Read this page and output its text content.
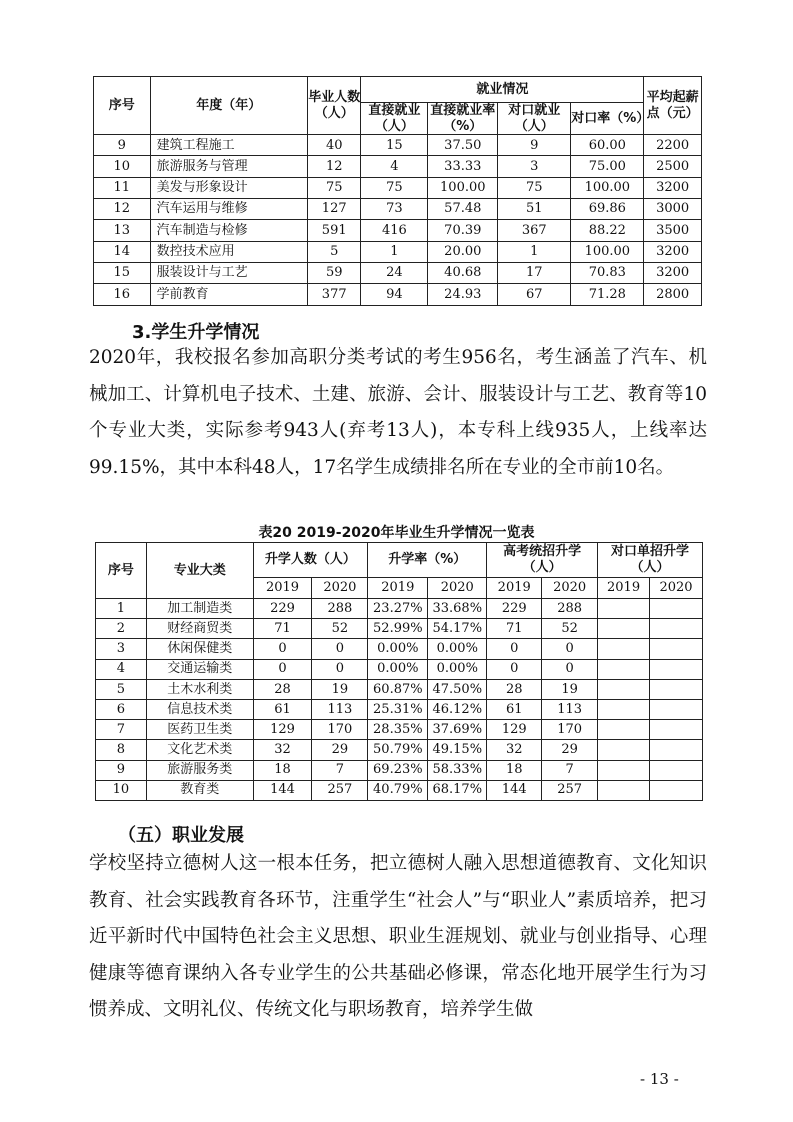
序号	年度（年）	毕业人数（人）	就业情况				平均起薪点（元）
			直接就业（人）	直接就业率（%）	对口就业（人）	对口率（%）	
9	建筑工程施工	40	15	37.50	9	60.00	2200
10	旅游服务与管理	12	4	33.33	3	75.00	2500
11	美发与形象设计	75	75	100.00	75	100.00	3200
12	汽车运用与维修	127	73	57.48	51	69.86	3000
13	汽车制造与检修	591	416	70.39	367	88.22	3500
14	数控技术应用	5	1	20.00	1	100.00	3200
15	服装设计与工艺	59	24	40.68	17	70.83	3200
16	学前教育	377	94	24.93	67	71.28	2800
3.学生升学情况

2020年，我校报名参加高职分类考试的考生956名，考生涵盖了汽车、机械加工、计算机电子技术、土建、旅游、会计、服装设计与工艺、教育等10个专业大类，实际参考943人(弃考13人)，本专科上线935人，上线率达99.15%，其中本科48人，17名学生成绩排名所在专业的全市前10名。

表20 2019-2020年毕业生升学情况一览表
序号	专业大类	升学人数（人）		升学率（%）		高考统招升学（人）		对口单招升学（人）	
		2019	2020	2019	2020	2019	2020	2019	2020
1	加工制造类	229	288	23.27%	33.68%	229	288		
2	财经商贸类	71	52	52.99%	54.17%	71	52		
3	休闲保健类	0	0	0.00%	0.00%	0	0		
4	交通运输类	0	0	0.00%	0.00%	0	0		
5	土木水利类	28	19	60.87%	47.50%	28	19		
6	信息技术类	61	113	25.31%	46.12%	61	113		
7	医药卫生类	129	170	28.35%	37.69%	129	170		
8	文化艺术类	32	29	50.79%	49.15%	32	29		
9	旅游服务类	18	7	69.23%	58.33%	18	7		
10	教育类	144	257	40.79%	68.17%	144	257		
（五）职业发展

学校坚持立德树人这一根本任务，把立德树人融入思想道德教育、文化知识教育、社会实践教育各环节，注重学生“社会人”与“职业人”素质培养，把习近平新时代中国特色社会主义思想、职业生涯规划、就业与创业指导、心理健康等德育课纳入各专业学生的公共基础必修课，常态化地开展学生行为习惯养成、文明礼仪、传统文化与职场教育，培养学生做

- 13 -
